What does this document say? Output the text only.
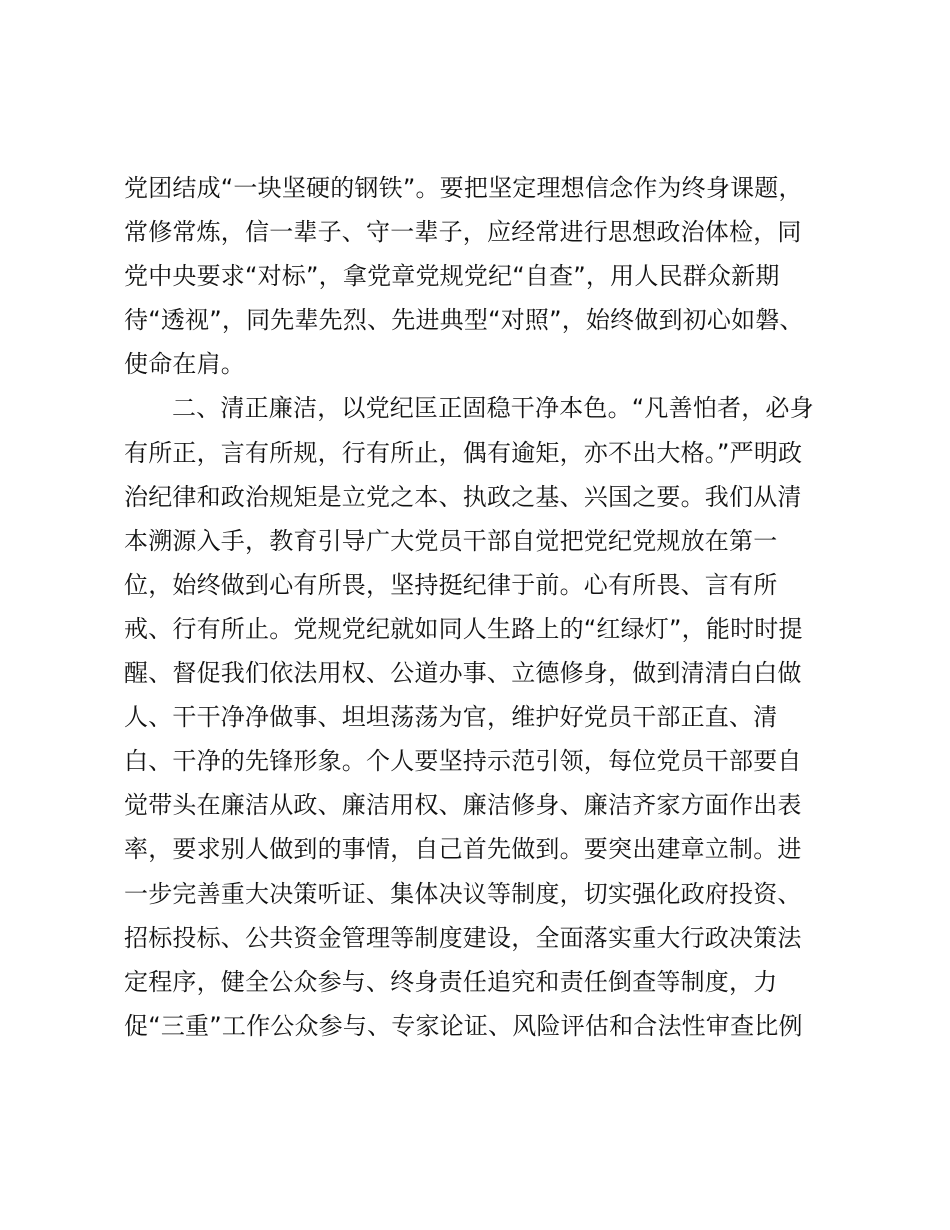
党团结成“一块坚硬的钢铁”。要把坚定理想信念作为终身课题，
常修常炼，信一辈子、守一辈子，应经常进行思想政治体检，同
党中央要求“对标”，拿党章党规党纪“自查”，用人民群众新期
待“透视”，同先辈先烈、先进典型“对照”，始终做到初心如磐、
使命在肩。
二、清正廉洁，以党纪匡正固稳干净本色。“凡善怕者，必身
有所正，言有所规，行有所止，偶有逾矩，亦不出大格。”严明政
治纪律和政治规矩是立党之本、执政之基、兴国之要。我们从清
本溯源入手，教育引导广大党员干部自觉把党纪党规放在第一
位，始终做到心有所畏，坚持挺纪律于前。心有所畏、言有所
戒、行有所止。党规党纪就如同人生路上的“红绿灯”，能时时提
醒、督促我们依法用权、公道办事、立德修身，做到清清白白做
人、干干净净做事、坦坦荡荡为官，维护好党员干部正直、清
白、干净的先锋形象。个人要坚持示范引领，每位党员干部要自
觉带头在廉洁从政、廉洁用权、廉洁修身、廉洁齐家方面作出表
率，要求别人做到的事情，自己首先做到。要突出建章立制。进
一步完善重大决策听证、集体决议等制度，切实强化政府投资、
招标投标、公共资金管理等制度建设，全面落实重大行政决策法
定程序，健全公众参与、终身责任追究和责任倒查等制度，力
促“三重”工作公众参与、专家论证、风险评估和合法性审查比例
